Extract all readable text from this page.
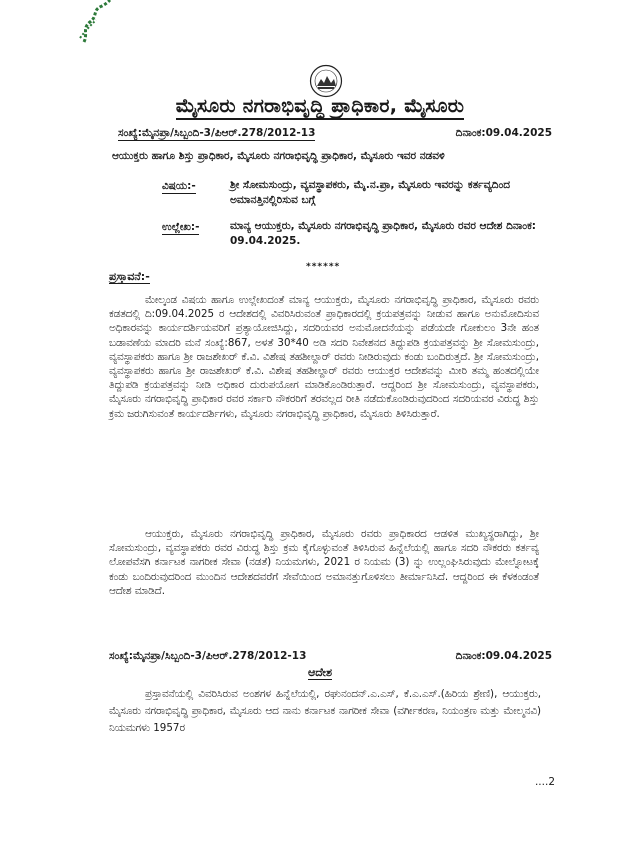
ಮೈಸೂರು ನಗರಾಭಿವೃದ್ಧಿ ಪ್ರಾಧಿಕಾರ, ಮೈಸೂರು
ಸಂಖ್ಯೆ:ಮೈನಪ್ರಾ/ಸಿಬ್ಬಂದಿ-3/ಪಿಆರ್.278/2012-13	ದಿನಾಂಕ:09.04.2025
ಆಯುಕ್ತರು ಹಾಗೂ ಶಿಸ್ತು ಪ್ರಾಧಿಕಾರ, ಮೈಸೂರು ನಗರಾಭಿವೃದ್ಧಿ ಪ್ರಾಧಿಕಾರ, ಮೈಸೂರು ಇವರ ನಡವಳಿ
ವಿಷಯ:-	ಶ್ರೀ ಸೋಮಸುಂದ್ರು, ವ್ಯವಸ್ಥಾಪಕರು, ಮೈ.ನ.ಪ್ರಾ, ಮೈಸೂರು ಇವರನ್ನು ಕರ್ತವ್ಯದಿಂದ ಅಮಾನತ್ತಿನಲ್ಲಿರಿಸುವ ಬಗ್ಗೆ
ಉಲ್ಲೇಖ:-	ಮಾನ್ಯ ಆಯುಕ್ತರು, ಮೈಸೂರು ನಗರಾಭಿವೃದ್ಧಿ ಪ್ರಾಧಿಕಾರ, ಮೈಸೂರು ರವರ ಆದೇಶ ದಿನಾಂಕ: 09.04.2025.
******
ಪ್ರಸ್ತಾವನೆ:-

ಮೇಲ್ಕಂಡ ವಿಷಯ ಹಾಗೂ ಉಲ್ಲೇಖದಂತೆ ಮಾನ್ಯ ಆಯುಕ್ತರು, ಮೈಸೂರು ನಗರಾಭಿವೃದ್ಧಿ ಪ್ರಾಧಿಕಾರ, ಮೈಸೂರು ರವರು ಕಡತದಲ್ಲಿ ದಿ:09.04.2025 ರ ಆದೇಶದಲ್ಲಿ ವಿವರಿಸಿರುವಂತೆ ಪ್ರಾಧಿಕಾರದಲ್ಲಿ ಕ್ರಯಪತ್ರವನ್ನು ನೀಡುವ ಹಾಗೂ ಅನುಮೋದಿಸುವ ಅಧಿಕಾರವನ್ನು ಕಾರ್ಯದರ್ಶಿಯವರಿಗೆ ಪ್ರತ್ಯಾಯೋಜಿಸಿದ್ದು, ಸದರಿಯವರ ಅನುಮೋದನೆಯನ್ನು ಪಡೆಯದೇ ಗೋಕುಲಂ 3ನೇ ಹಂತ ಬಡಾವಣೆಯ ಮಾದರಿ ಮನೆ ಸಂಖ್ಯೆ:867, ಅಳತೆ 30*40 ಅಡಿ ಸದರಿ ನಿವೇಶನದ ತಿದ್ದುಪಡಿ ಕ್ರಯಪತ್ರವನ್ನು ಶ್ರೀ ಸೋಮಸುಂದ್ರು, ವ್ಯವಸ್ಥಾಪಕರು ಹಾಗೂ ಶ್ರೀ ರಾಜಶೇಖರ್ ಕೆ.ವಿ. ವಿಶೇಷ ತಹಶೀಲ್ದಾರ್ ರವರು ನೀಡಿರುವುದು ಕಂಡು ಬಂದಿರುತ್ತದೆ. ಶ್ರೀ ಸೋಮಸುಂದ್ರು, ವ್ಯವಸ್ಥಾಪಕರು ಹಾಗೂ ಶ್ರೀ ರಾಜಶೇಖರ್ ಕೆ.ವಿ. ವಿಶೇಷ ತಹಶೀಲ್ದಾರ್ ರವರು ಆಯುಕ್ತರ ಆದೇಶವನ್ನು ಮೀರಿ ತಮ್ಮ ಹಂತದಲ್ಲಿಯೇ ತಿದ್ದುಪಡಿ ಕ್ರಯಪತ್ರವನ್ನು ನೀಡಿ ಅಧಿಕಾರ ದುರುಪಯೋಗ ಮಾಡಿಕೊಂಡಿರುತ್ತಾರೆ. ಆದ್ದರಿಂದ ಶ್ರೀ ಸೋಮಸುಂದ್ರು, ವ್ಯವಸ್ಥಾಪಕರು, ಮೈಸೂರು ನಗರಾಭಿವೃದ್ಧಿ ಪ್ರಾಧಿಕಾರ ರವರ ಸರ್ಕಾರಿ ನೌಕರರಿಗೆ ತರವಲ್ಲದ ರೀತಿ ನಡೆದುಕೊಂಡಿರುವುದರಿಂದ ಸದರಿಯವರ ವಿರುದ್ಧ ಶಿಸ್ತು ಕ್ರಮ ಜರುಗಿಸುವಂತೆ ಕಾರ್ಯದರ್ಶಿಗಳು, ಮೈಸೂರು ನಗರಾಭಿವೃದ್ಧಿ ಪ್ರಾಧಿಕಾರ, ಮೈಸೂರು ತಿಳಿಸಿರುತ್ತಾರೆ.

ಆಯುಕ್ತರು, ಮೈಸೂರು ನಗರಾಭಿವೃದ್ಧಿ ಪ್ರಾಧಿಕಾರ, ಮೈಸೂರು ರವರು ಪ್ರಾಧಿಕಾರದ ಆಡಳಿತ ಮುಖ್ಯಸ್ಥರಾಗಿದ್ದು, ಶ್ರೀ ಸೋಮಸುಂದ್ರು, ವ್ಯವಸ್ಥಾಪಕರು ರವರ ವಿರುದ್ಧ ಶಿಸ್ತು ಕ್ರಮ ಕೈಗೊಳ್ಳುವಂತೆ ತಿಳಿಸಿರುವ ಹಿನ್ನೆಲೆಯಲ್ಲಿ ಹಾಗೂ ಸದರಿ ನೌಕರರು ಕರ್ತವ್ಯ ಲೋಪವೆಸಗಿ ಕರ್ನಾಟಕ ನಾಗರೀಕ ಸೇವಾ (ನಡತೆ) ನಿಯಮಗಳು, 2021 ರ ನಿಯಮ (3) ನ್ನು ಉಲ್ಲಂಘಿಸಿರುವುದು ಮೇಲ್ನೋಟಕ್ಕೆ ಕಂಡು ಬಂದಿರುವುದರಿಂದ ಮುಂದಿನ ಆದೇಶದವರೆಗೆ ಸೇವೆಯಿಂದ ಅಮಾನತ್ತುಗೊಳಿಸಲು ತೀರ್ಮಾನಿಸಿದೆ. ಆದ್ದರಿಂದ ಈ ಕೆಳಕಂಡಂತೆ ಆದೇಶ ಮಾಡಿದೆ.

ಸಂಖ್ಯೆ:ಮೈನಪ್ರಾ/ಸಿಬ್ಬಂದಿ-3/ಪಿಆರ್.278/2012-13	ದಿನಾಂಕ:09.04.2025
ಆದೇಶ

ಪ್ರಸ್ತಾವನೆಯಲ್ಲಿ ವಿವರಿಸಿರುವ ಅಂಶಗಳ ಹಿನ್ನೆಲೆಯಲ್ಲಿ, ರಘುನಂದನ್.ಎ.ಎಸ್, ಕೆ.ಎ.ಎಸ್.(ಹಿರಿಯ ಶ್ರೇಣಿ), ಆಯುಕ್ತರು, ಮೈಸೂರು ನಗರಾಭಿವೃದ್ಧಿ ಪ್ರಾಧಿಕಾರ, ಮೈಸೂರು ಆದ ನಾನು ಕರ್ನಾಟಕ ನಾಗರೀಕ ಸೇವಾ (ವರ್ಗೀಕರಣ, ನಿಯಂತ್ರಣ ಮತ್ತು ಮೇಲ್ಮನವಿ) ನಿಯಮಗಳು 1957ರ

....2
